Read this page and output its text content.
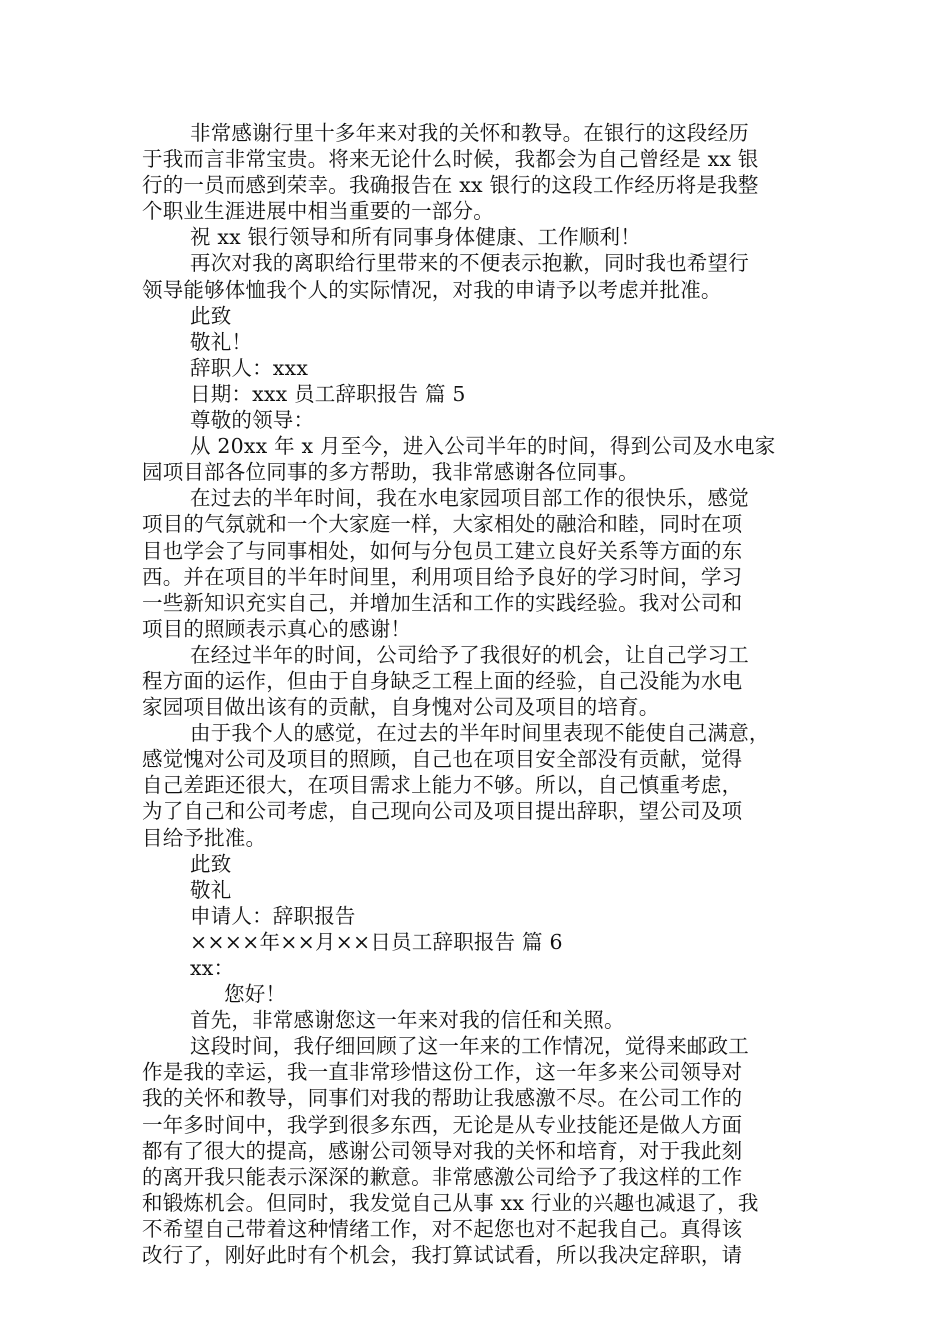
非常感谢行里十多年来对我的关怀和教导。在银行的这段经历
于我而言非常宝贵。将来无论什么时候，我都会为自己曾经是 xx 银
行的一员而感到荣幸。我确报告在 xx 银行的这段工作经历将是我整
个职业生涯进展中相当重要的一部分。
祝 xx 银行领导和所有同事身体健康、工作顺利！
再次对我的离职给行里带来的不便表示抱歉，同时我也希望行
领导能够体恤我个人的实际情况，对我的申请予以考虑并批准。
此致
敬礼！
辞职人：xxx
日期：xxx 员工辞职报告 篇 5
尊敬的领导：
从 20xx 年 x 月至今，进入公司半年的时间，得到公司及水电家
园项目部各位同事的多方帮助，我非常感谢各位同事。
在过去的半年时间，我在水电家园项目部工作的很快乐，感觉
项目的气氛就和一个大家庭一样，大家相处的融洽和睦，同时在项
目也学会了与同事相处，如何与分包员工建立良好关系等方面的东
西。并在项目的半年时间里，利用项目给予良好的学习时间，学习
一些新知识充实自己，并增加生活和工作的实践经验。我对公司和
项目的照顾表示真心的感谢！
在经过半年的时间，公司给予了我很好的机会，让自己学习工
程方面的运作，但由于自身缺乏工程上面的经验，自己没能为水电
家园项目做出该有的贡献，自身愧对公司及项目的培育。
由于我个人的感觉，在过去的半年时间里表现不能使自己满意，
感觉愧对公司及项目的照顾，自己也在项目安全部没有贡献，觉得
自己差距还很大，在项目需求上能力不够。所以，自己慎重考虑，
为了自己和公司考虑，自己现向公司及项目提出辞职，望公司及项
目给予批准。
此致
敬礼
申请人：辞职报告
××××年××月××日员工辞职报告 篇 6
xx：
您好！
首先，非常感谢您这一年来对我的信任和关照。
这段时间，我仔细回顾了这一年来的工作情况，觉得来邮政工
作是我的幸运，我一直非常珍惜这份工作，这一年多来公司领导对
我的关怀和教导，同事们对我的帮助让我感激不尽。在公司工作的
一年多时间中，我学到很多东西，无论是从专业技能还是做人方面
都有了很大的提高，感谢公司领导对我的关怀和培育，对于我此刻
的离开我只能表示深深的歉意。非常感激公司给予了我这样的工作
和锻炼机会。但同时，我发觉自己从事 xx 行业的兴趣也减退了，我
不希望自己带着这种情绪工作，对不起您也对不起我自己。真得该
改行了，刚好此时有个机会，我打算试试看，所以我决定辞职，请
